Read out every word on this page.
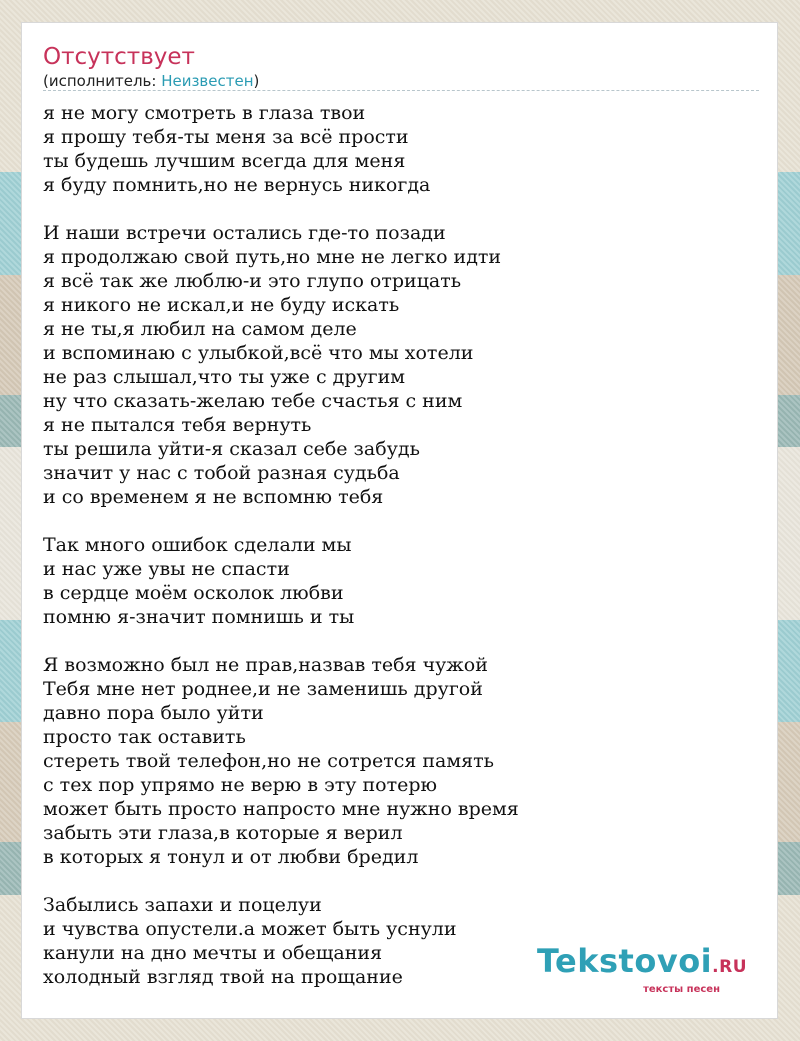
Отсутствует
(исполнитель: Неизвестен)
я не могу смотреть в глаза твои
я прошу тебя-ты меня за всё прости
ты будешь лучшим всегда для меня
я буду помнить,но не вернусь никогда
И наши встречи остались где-то позади
я продолжаю свой путь,но мне не легко идти
я всё так же люблю-и это глупо отрицать
я никого не искал,и не буду искать
я не ты,я любил на самом деле
и вспоминаю с улыбкой,всё что мы хотели
не раз слышал,что ты уже с другим
ну что сказать-желаю тебе счастья с ним
я не пытался тебя вернуть
ты решила уйти-я сказал себе забудь
значит у нас с тобой разная судьба
и со временем я не вспомню тебя
Так много ошибок сделали мы
и нас уже увы не спасти
в сердце моём осколок любви
помню я-значит помнишь и ты
Я возможно был не прав,назвав тебя чужой
Тебя мне нет роднее,и не заменишь другой
давно пора было уйти
просто так оставить
стереть твой телефон,но не сотрется память
с тех пор упрямо не верю в эту потерю
может быть просто напросто мне нужно время
забыть эти глаза,в которые я верил
в которых я тонул и от любви бредил
Забылись запахи и поцелуи
и чувства опустели.а может быть уснули
канули на дно мечты и обещания
холодный взгляд твой на прощание	Tekstovoi.RU
тексты песен
